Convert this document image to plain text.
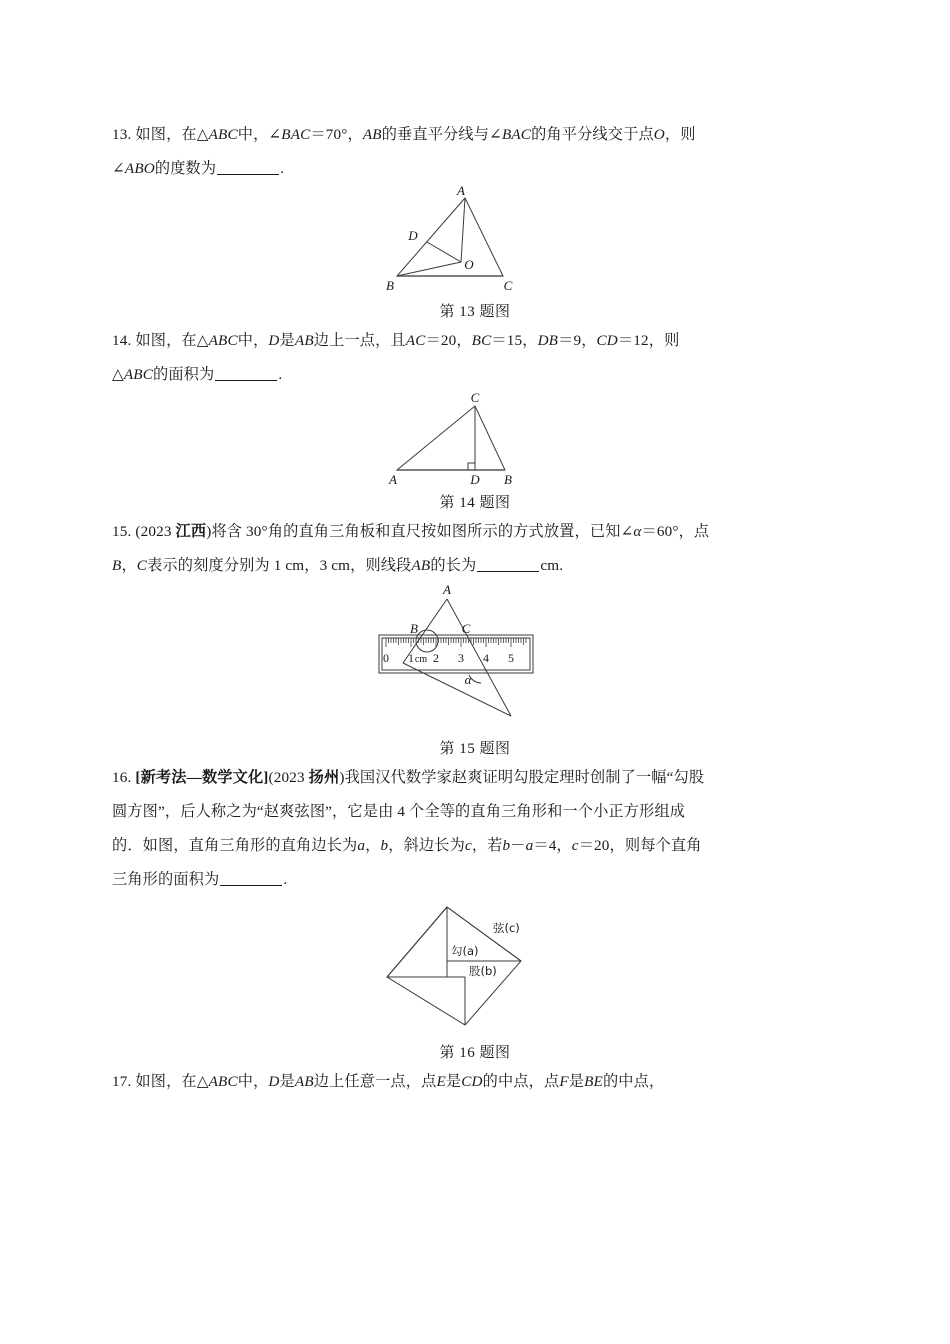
13. 如图，在△ABC中，∠BAC＝70°，AB的垂直平分线与∠BAC的角平分线交于点O，则
∠ABO的度数为	.
A
D
O
B	C
第 13 题图
14. 如图，在△ABC中，D是AB边上一点，且AC＝20，BC＝15，DB＝9，CD＝12，则
△ABC的面积为	.
C
A	D B
第 14 题图
15. (2023 江西)将含 30°角的直角三角板和直尺按如图所示的方式放置，已知∠α＝60°，点
B，C表示的刻度分别为 1 cm，3 cm，则线段AB的长为	cm.
0 1 2 3 4 5
cm
A
B	C
α
第 15 题图
16. [新考法—数学文化](2023 扬州)我国汉代数学家赵爽证明勾股定理时创制了一幅“勾股
圆方图”，后人称之为“赵爽弦图”，它是由 4 个全等的直角三角形和一个小正方形组成
的．如图，直角三角形的直角边长为a，b，斜边长为c，若b－a＝4，c＝20，则每个直角
三角形的面积为	.
弦(c)
勾(a)
股(b)
第 16 题图
17. 如图，在△ABC中，D是AB边上任意一点，点E是CD的中点，点F是BE的中点，
